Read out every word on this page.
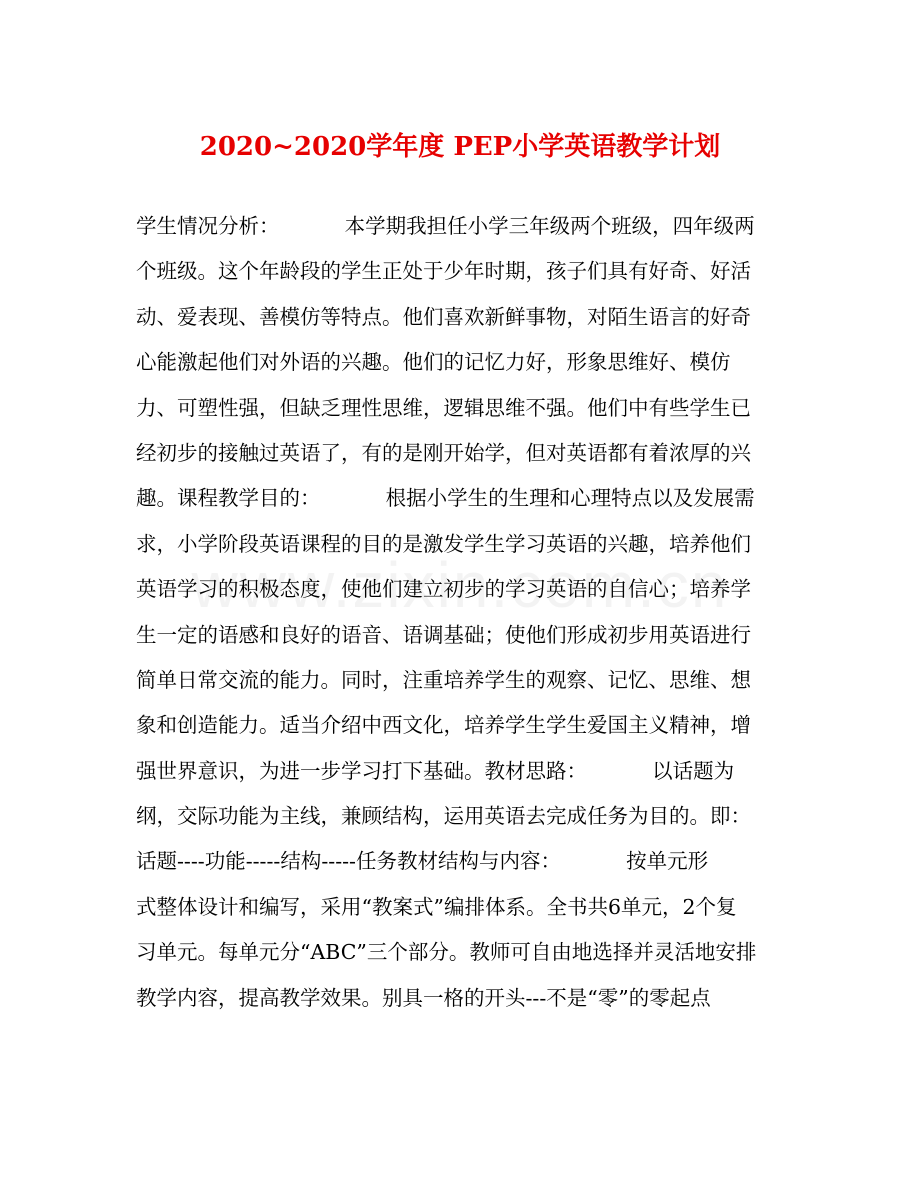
2020~2020学年度 PEP小学英语教学计划
学生情况分析：          本学期我担任小学三年级两个班级，四年级两
个班级。这个年龄段的学生正处于少年时期，孩子们具有好奇、好活
动、爱表现、善模仿等特点。他们喜欢新鲜事物，对陌生语言的好奇
心能激起他们对外语的兴趣。他们的记忆力好，形象思维好、模仿
力、可塑性强，但缺乏理性思维，逻辑思维不强。他们中有些学生已
经初步的接触过英语了，有的是刚开始学，但对英语都有着浓厚的兴
趣。课程教学目的：          根据小学生的生理和心理特点以及发展需
求，小学阶段英语课程的目的是激发学生学习英语的兴趣，培养他们
英语学习的积极态度，使他们建立初步的学习英语的自信心；培养学
生一定的语感和良好的语音、语调基础；使他们形成初步用英语进行
简单日常交流的能力。同时，注重培养学生的观察、记忆、思维、想
象和创造能力。适当介绍中西文化，培养学生学生爱国主义精神，增
强世界意识，为进一步学习打下基础。教材思路：          以话题为
纲，交际功能为主线，兼顾结构，运用英语去完成任务为目的。即：
话题----功能-----结构-----任务教材结构与内容：          按单元形
式整体设计和编写，采用“教案式”编排体系。全书共6单元，2个复
习单元。每单元分“ABC”三个部分。教师可自由地选择并灵活地安排
教学内容，提高教学效果。别具一格的开头---不是“零”的零起点
